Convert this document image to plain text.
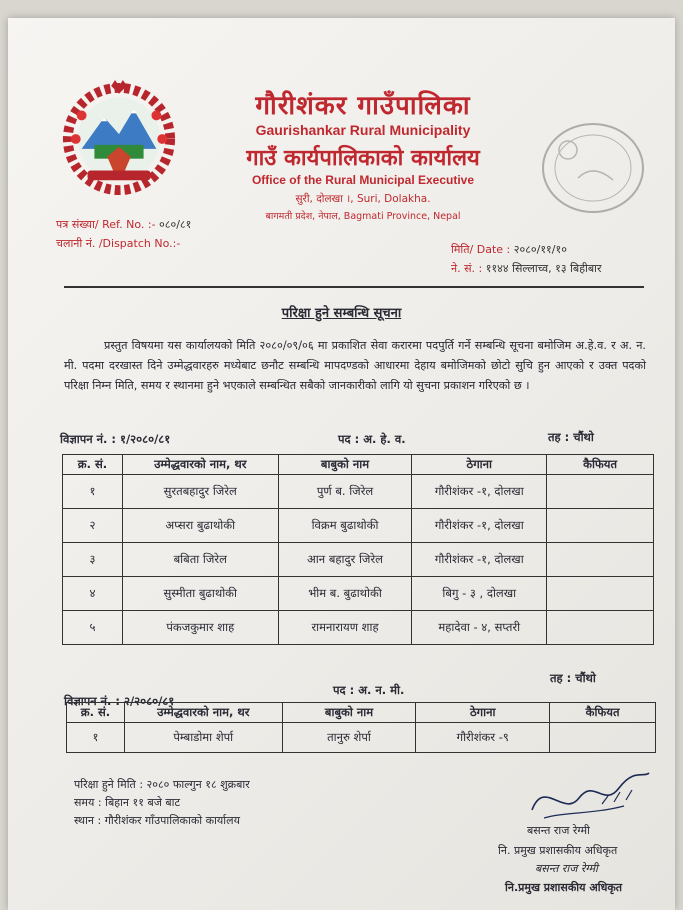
गौरीशंकर गाउँपालिका
Gaurishankar Rural Municipality
गाउँ कार्यपालिकाको कार्यालय
Office of the Rural Municipal Executive
सुरी, दोलखा ।, Suri, Dolakha.
बागमती प्रदेश, नेपाल, Bagmati Province, Nepal
पत्र संख्या/ Ref. No. :- ०८०/८१
चलानी नं. /Dispatch No.:-	मिति/ Date : २०८०/११/१०
ने. सं. : ११४४ सिल्लाच्व, १३ बिहीबार
परिक्षा हुने सम्बन्धि सूचना
प्रस्तुत विषयमा यस कार्यालयको मिति २०८०/०९/०६ मा प्रकाशित सेवा करारमा पदपुर्ति गर्ने सम्बन्धि सूचना बमोजिम अ.हे.व. र अ. न. मी. पदमा दरखास्त दिने उम्मेद्धवारहरु मध्येबाट छनौट सम्बन्धि मापदण्डको आधारमा देहाय बमोजिमको छोटो सुचि हुन आएको र उक्त पदको परिक्षा निम्न मिति, समय र स्थानमा हुने भएकाले सम्बन्धित सबैको जानकारीको लागि यो सुचना प्रकाशन गरिएको छ ।
विज्ञापन नं. : १/२०८०/८१	पद : अ. हे. व.	तह : चौंथो
क्र. सं.	उम्मेद्धवारको नाम, थर	बाबुको नाम	ठेगाना	कैफियत
१	सुरतबहादुर जिरेल	पुर्ण ब. जिरेल	गौरीशंकर -१, दोलखा	
२	अप्सरा बुढाथोकी	विक्रम बुढाथोकी	गौरीशंकर -१, दोलखा	
३	बबिता जिरेल	आन बहादुर जिरेल	गौरीशंकर -१, दोलखा	
४	सुस्मीता बुढाथोकी	भीम ब. बुढाथोकी	बिगु - ३ , दोलखा	
५	पंकजकुमार शाह	रामनारायण शाह	महादेवा - ४, सप्तरी	
विज्ञापन नं. : २/२०८०/८१
पद : अ. न. मी.
तह : चौंथो
क्र. सं.	उम्मेद्धवारको नाम, थर	बाबुको नाम	ठेगाना	कैफियत
१	पेम्बाडोमा शेर्पा	तानुरु शेर्पा	गौरीशंकर -९	
परिक्षा हुने मिति : २०८० फाल्गुन १८ शुक्रबार
समय : बिहान ११ बजे बाट
स्थान : गौरीशंकर गाँउपालिकाको कार्यालय
बसन्त राज रेग्मी
नि. प्रमुख प्रशासकीय अधिकृत
बसन्त राज रेग्मी
नि.प्रमुख प्रशासकीय अधिकृत
